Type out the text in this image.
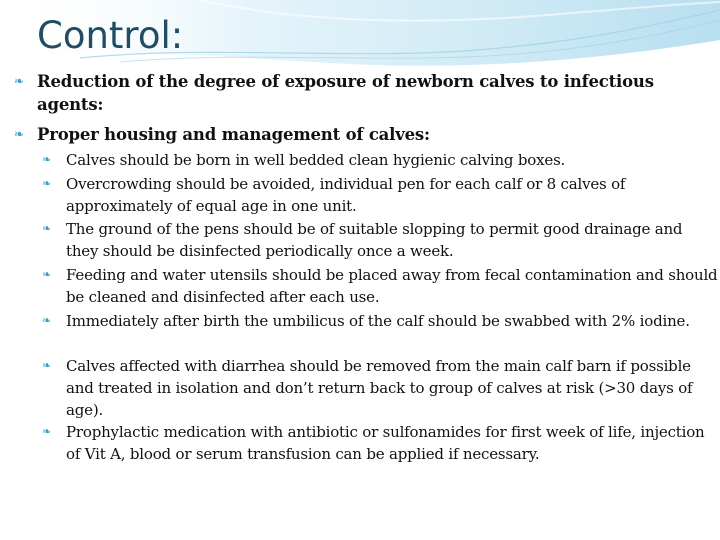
Control:
❧ Reduction of the degree of exposure of newborn calves to infectious agents:
❧ Proper housing and management of calves:
❧ Calves should be born in well bedded clean hygienic calving boxes.
❧ Overcrowding should be avoided, individual pen for each calf or 8 calves of approximately of equal age in one unit.
❧ The ground of the pens should be of suitable slopping to permit good drainage and they should be disinfected periodically once a week.
❧ Feeding and water utensils should be placed away from fecal contamination and should be cleaned and disinfected after each use.
❧ Immediately after birth the umbilicus of the calf should be swabbed with 2% iodine.
❧ Calves affected with diarrhea should be removed from the main calf barn if possible and treated in isolation and don’t return back to group of calves at risk (>30 days of age).
❧ Prophylactic medication with antibiotic or sulfonamides for first week of life, injection of Vit A, blood or serum transfusion can be applied if necessary.
